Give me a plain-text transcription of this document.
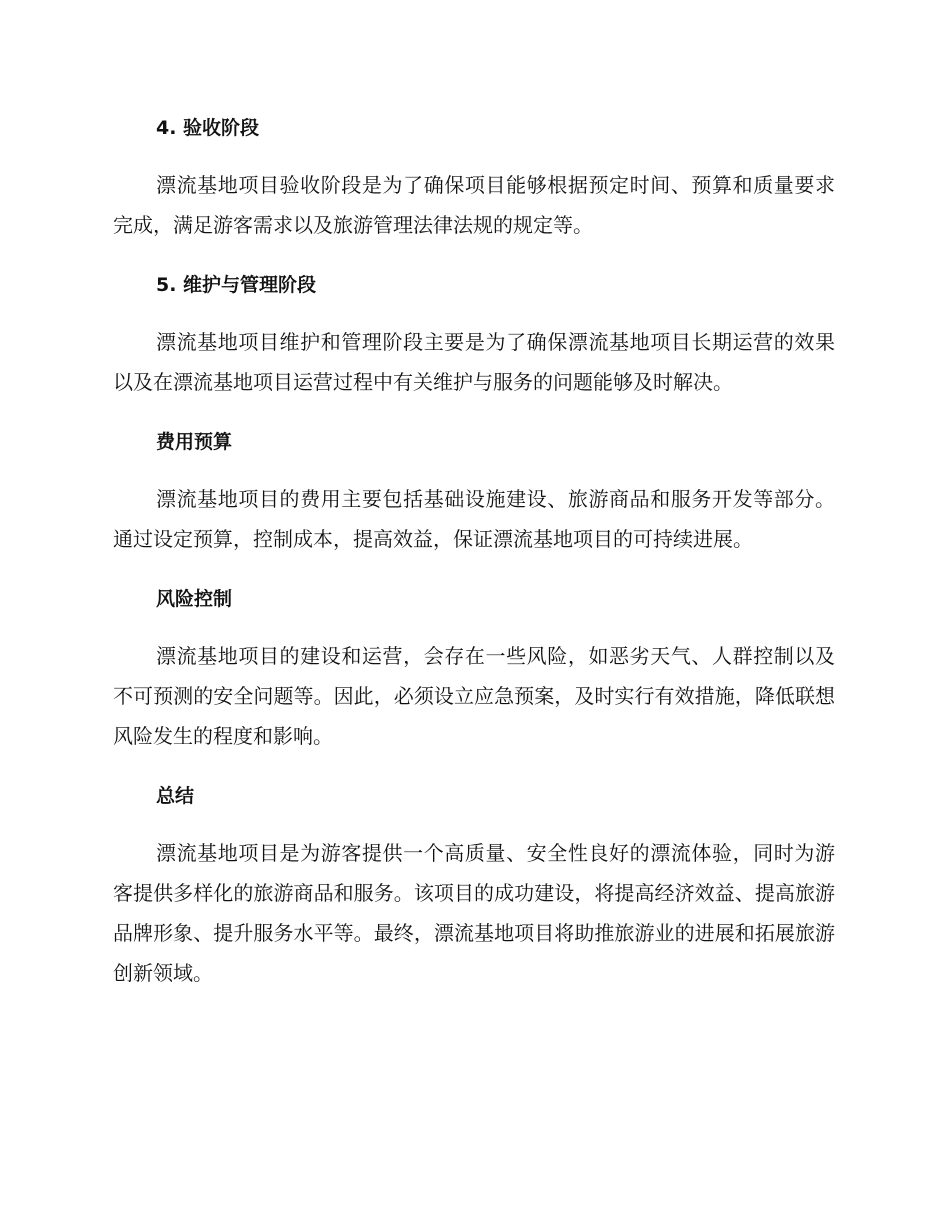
4. 验收阶段

漂流基地项目验收阶段是为了确保项目能够根据预定时间、预算和质量要求完成，满足游客需求以及旅游管理法律法规的规定等。

5. 维护与管理阶段

漂流基地项目维护和管理阶段主要是为了确保漂流基地项目长期运营的效果以及在漂流基地项目运营过程中有关维护与服务的问题能够及时解决。

费用预算

漂流基地项目的费用主要包括基础设施建设、旅游商品和服务开发等部分。通过设定预算，控制成本，提高效益，保证漂流基地项目的可持续进展。

风险控制

漂流基地项目的建设和运营，会存在一些风险，如恶劣天气、人群控制以及不可预测的安全问题等。因此，必须设立应急预案，及时实行有效措施，降低联想风险发生的程度和影响。

总结

漂流基地项目是为游客提供一个高质量、安全性良好的漂流体验，同时为游客提供多样化的旅游商品和服务。该项目的成功建设，将提高经济效益、提高旅游品牌形象、提升服务水平等。最终，漂流基地项目将助推旅游业的进展和拓展旅游创新领域。
